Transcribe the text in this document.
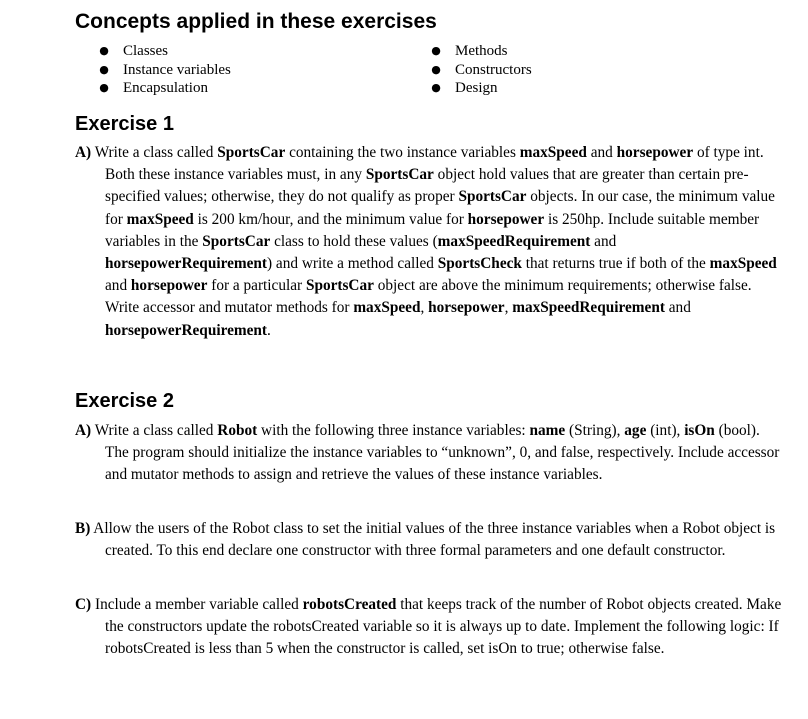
Concepts applied in these exercises
● Classes
● Instance variables
● Encapsulation
● Methods
● Constructors
● Design
Exercise 1
A) Write a class called SportsCar containing the two instance variables maxSpeed and horsepower of type int. Both these instance variables must, in any SportsCar object hold values that are greater than certain pre-specified values; otherwise, they do not qualify as proper SportsCar objects. In our case, the minimum value for maxSpeed is 200 km/hour, and the minimum value for horsepower is 250hp. Include suitable member variables in the SportsCar class to hold these values (maxSpeedRequirement and horsepowerRequirement) and write a method called SportsCheck that returns true if both of the maxSpeed and horsepower for a particular SportsCar object are above the minimum requirements; otherwise false.
Write accessor and mutator methods for maxSpeed, horsepower, maxSpeedRequirement and horsepowerRequirement.
Exercise 2
A) Write a class called Robot with the following three instance variables: name (String), age (int), isOn (bool). The program should initialize the instance variables to “unknown”, 0, and false, respectively. Include accessor and mutator methods to assign and retrieve the values of these instance variables.
B) Allow the users of the Robot class to set the initial values of the three instance variables when a Robot object is created. To this end declare one constructor with three formal parameters and one default constructor.
C) Include a member variable called robotsCreated that keeps track of the number of Robot objects created. Make the constructors update the robotsCreated variable so it is always up to date. Implement the following logic: If robotsCreated is less than 5 when the constructor is called, set isOn to true; otherwise false.
